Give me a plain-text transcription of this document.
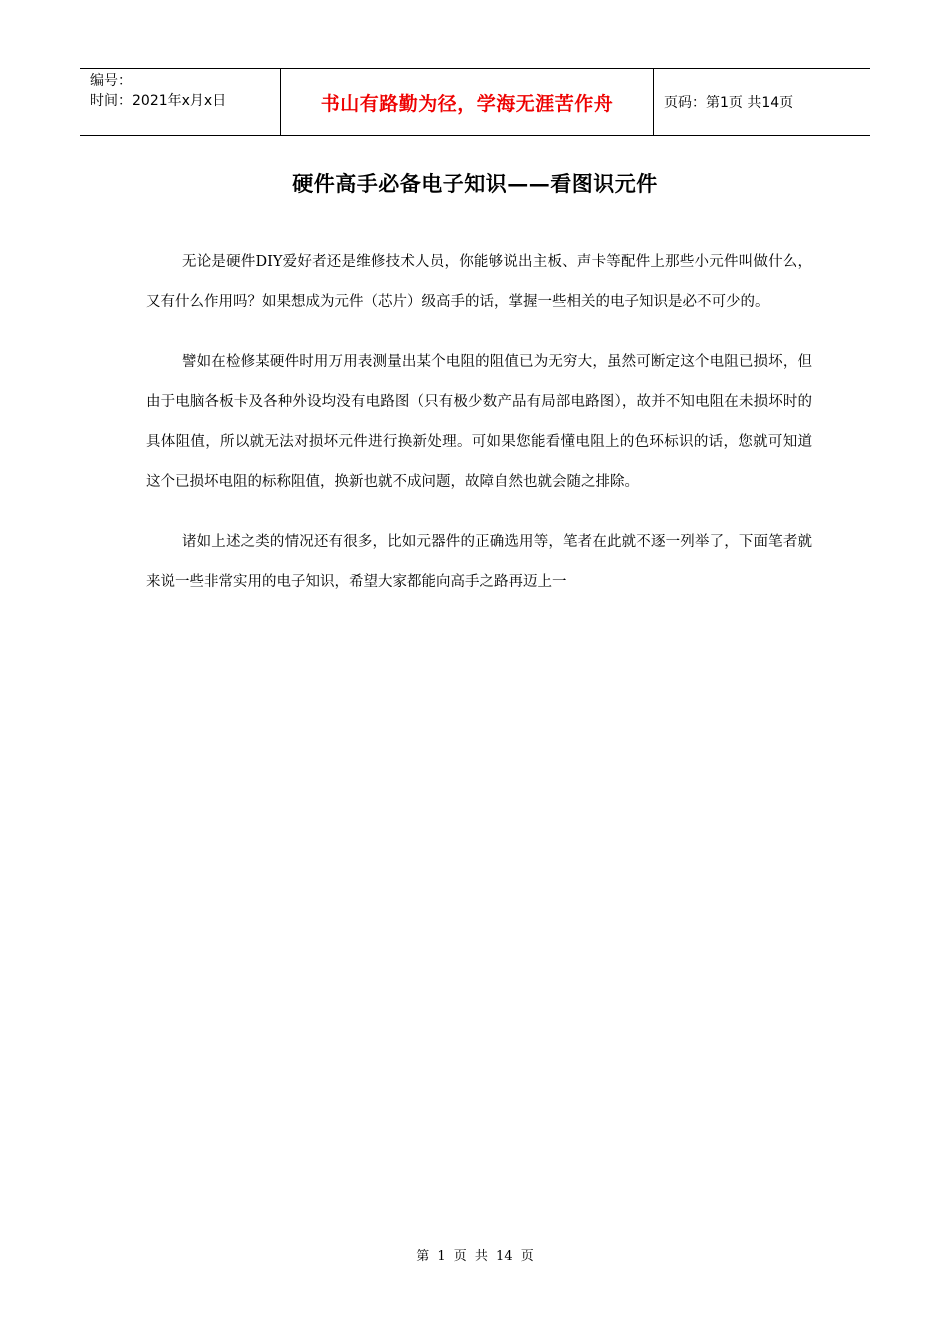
编号：
时间：2021年x月x日	书山有路勤为径，学海无涯苦作舟	页码：第1页 共14页
硬件高手必备电子知识——看图识元件

无论是硬件DIY爱好者还是维修技术人员，你能够说出主板、声卡等配件上那些小元件叫做什么，又有什么作用吗？如果想成为元件（芯片）级高手的话，掌握一些相关的电子知识是必不可少的。

譬如在检修某硬件时用万用表测量出某个电阻的阻值已为无穷大，虽然可断定这个电阻已损坏，但由于电脑各板卡及各种外设均没有电路图（只有极少数产品有局部电路图），故并不知电阻在未损坏时的具体阻值，所以就无法对损坏元件进行换新处理。可如果您能看懂电阻上的色环标识的话，您就可知道这个已损坏电阻的标称阻值，换新也就不成问题，故障自然也就会随之排除。

诸如上述之类的情况还有很多，比如元器件的正确选用等，笔者在此就不逐一列举了，下面笔者就来说一些非常实用的电子知识，希望大家都能向高手之路再迈上一

第 1 页 共 14 页
